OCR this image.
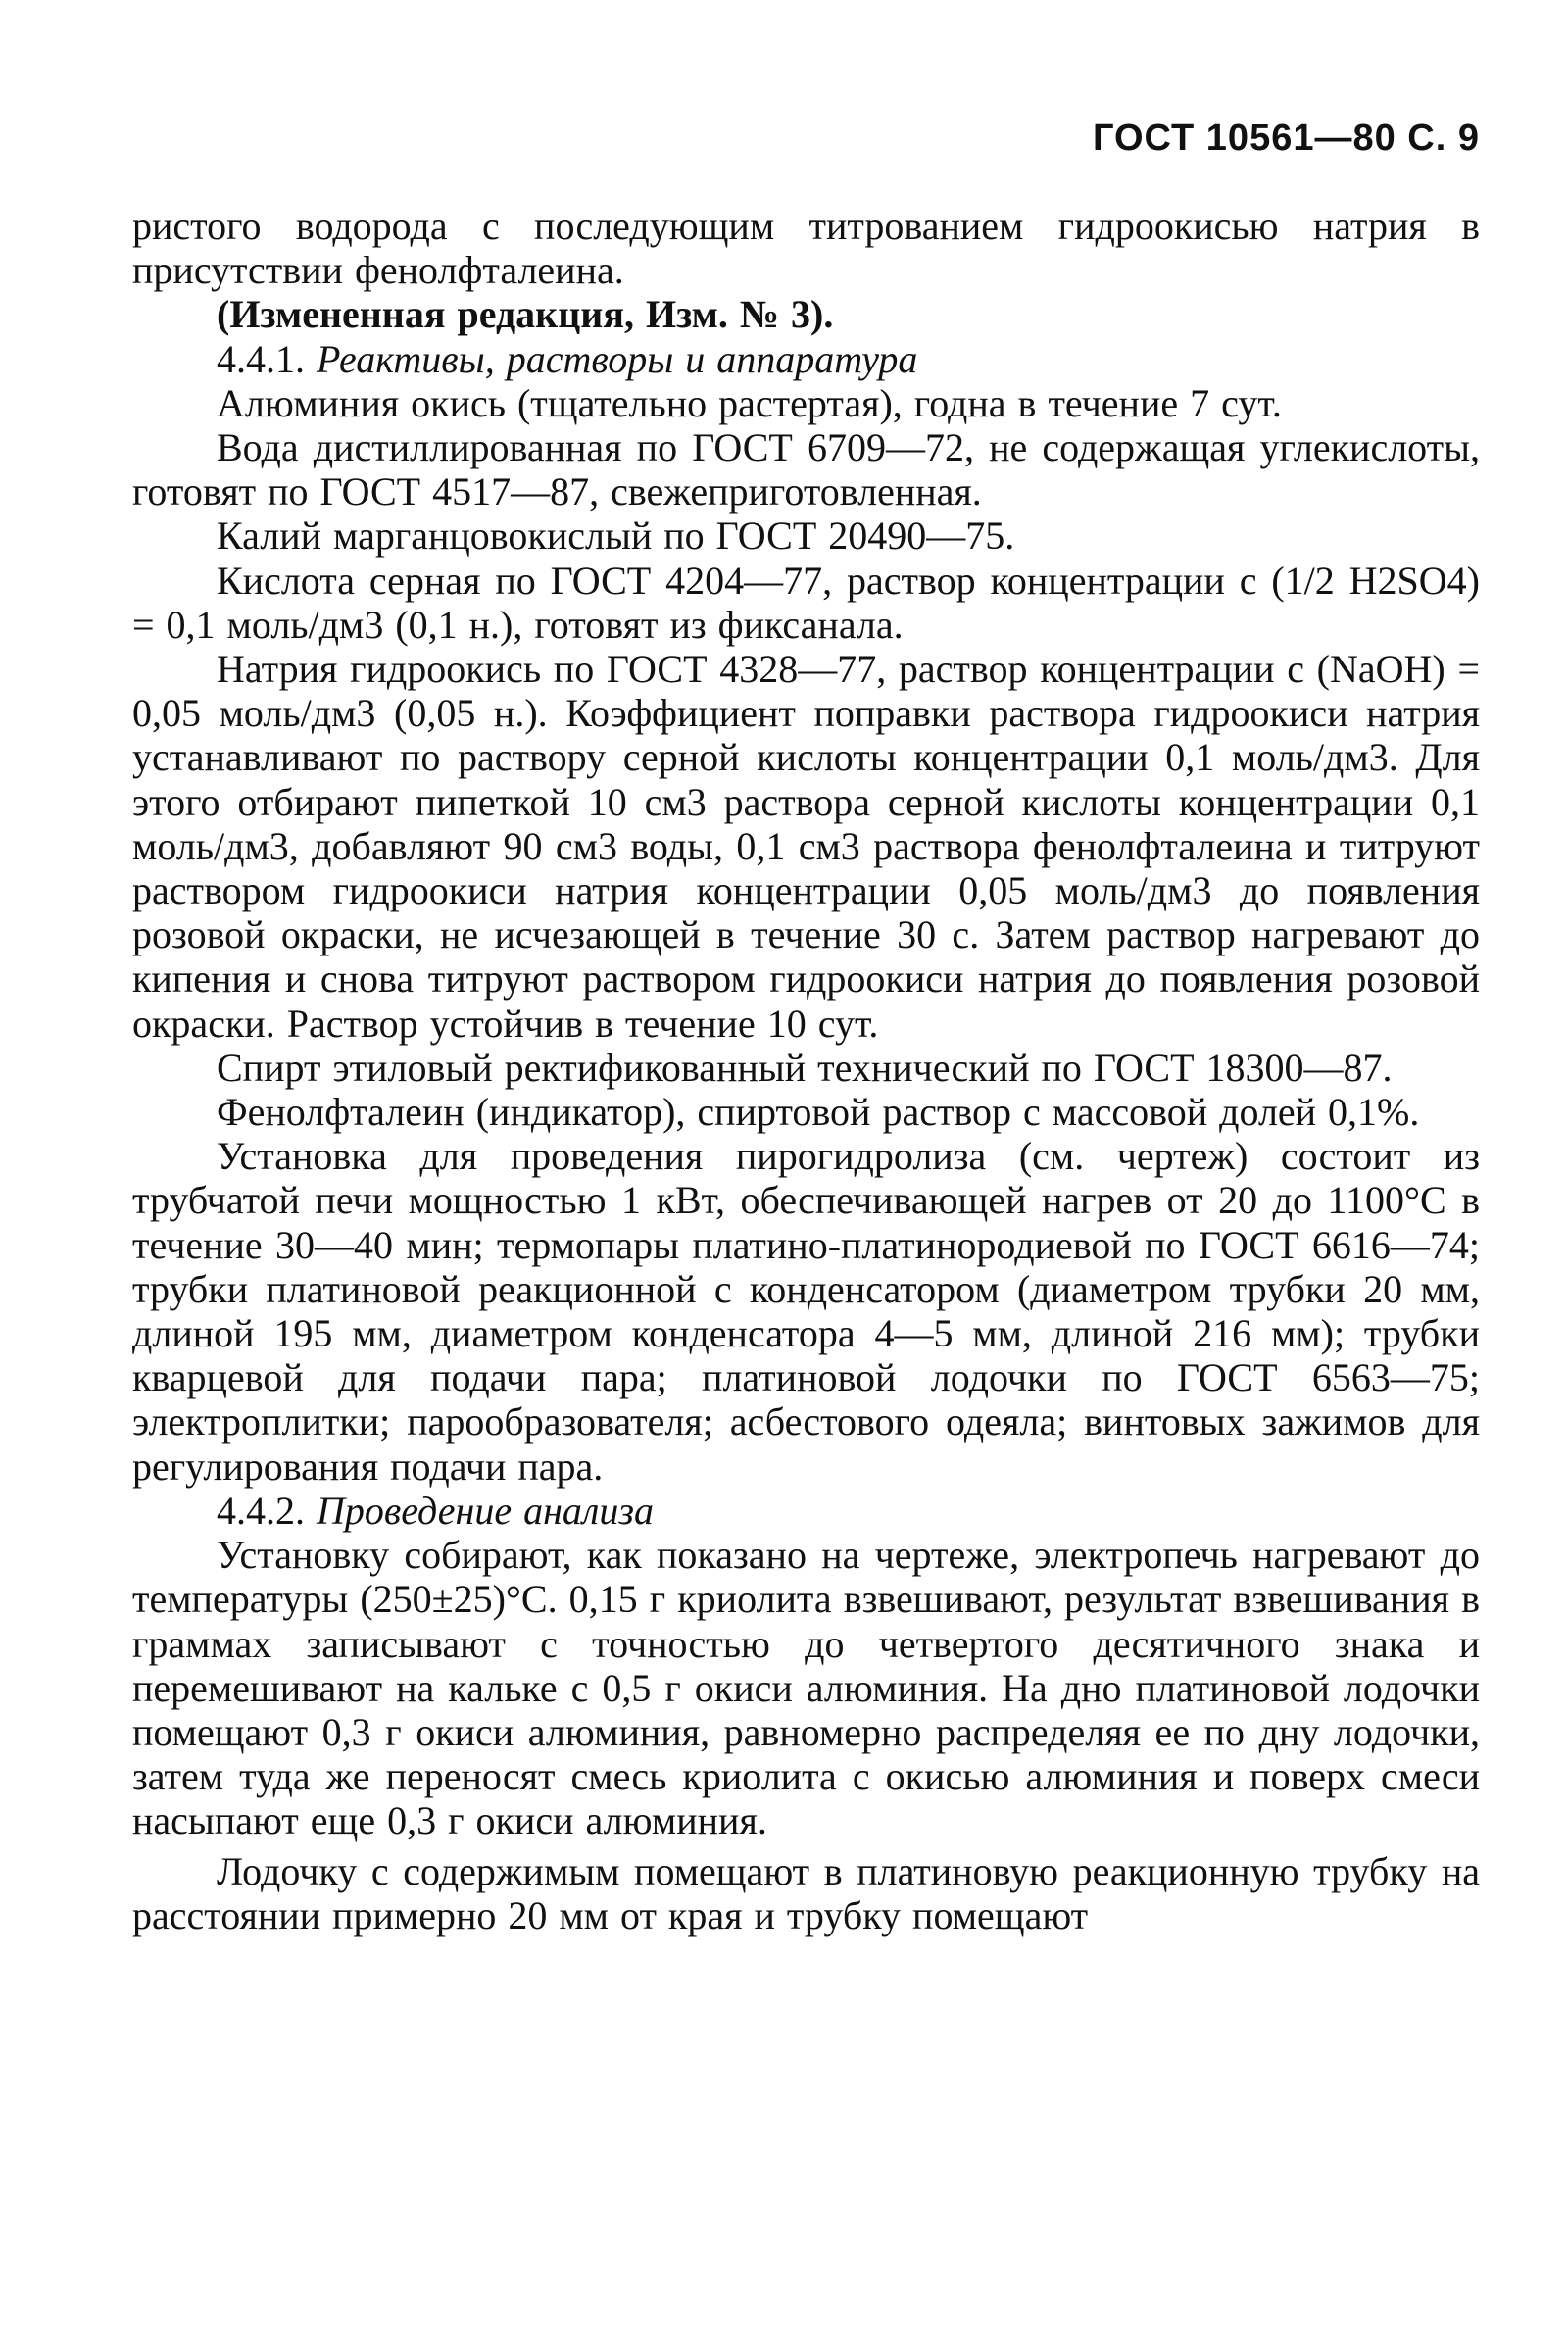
ГОСТ 10561—80 С. 9

ристого водорода с последующим титрованием гидроокисью натрия в присутствии фенолфталеина.

(Измененная редакция, Изм. № 3).

4.4.1. Реактивы, растворы и аппаратура

Алюминия окись (тщательно растертая), годна в течение 7 сут.

Вода дистиллированная по ГОСТ 6709—72, не содержащая углекислоты, готовят по ГОСТ 4517—87, свежеприготовленная.

Калий марганцовокислый по ГОСТ 20490—75.

Кислота серная по ГОСТ 4204—77, раствор концентрации c (1/2 H2SO4) = 0,1 моль/дм3 (0,1 н.), готовят из фиксанала.

Натрия гидроокись по ГОСТ 4328—77, раствор концентрации c (NaOH) = 0,05 моль/дм3 (0,05 н.). Коэффициент поправки раствора гидроокиси натрия устанавливают по раствору серной кислоты концентрации 0,1 моль/дм3. Для этого отбирают пипеткой 10 см3 раствора серной кислоты концентрации 0,1 моль/дм3, добавляют 90 см3 воды, 0,1 см3 раствора фенолфталеина и титруют раствором гидроокиси натрия концентрации 0,05 моль/дм3 до появления розовой окраски, не исчезающей в течение 30 с. Затем раствор нагревают до кипения и снова титруют раствором гидроокиси натрия до появления розовой окраски. Раствор устойчив в течение 10 сут.

Спирт этиловый ректификованный технический по ГОСТ 18300—87.

Фенолфталеин (индикатор), спиртовой раствор с массовой долей 0,1%.

Установка для проведения пирогидролиза (см. чертеж) состоит из трубчатой печи мощностью 1 кВт, обеспечивающей нагрев от 20 до 1100°С в течение 30—40 мин; термопары платино-платинородиевой по ГОСТ 6616—74; трубки платиновой реакционной с конденсатором (диаметром трубки 20 мм, длиной 195 мм, диаметром конденсатора 4—5 мм, длиной 216 мм); трубки кварцевой для подачи пара; платиновой лодочки по ГОСТ 6563—75; электроплитки; парообразователя; асбестового одеяла; винтовых зажимов для регулирования подачи пара.

4.4.2. Проведение анализа

Установку собирают, как показано на чертеже, электропечь нагревают до температуры (250±25)°С. 0,15 г криолита взвешивают, результат взвешивания в граммах записывают с точностью до четвертого десятичного знака и перемешивают на кальке с 0,5 г окиси алюминия. На дно платиновой лодочки помещают 0,3 г окиси алюминия, равномерно распределяя ее по дну лодочки, затем туда же переносят смесь криолита с окисью алюминия и поверх смеси насыпают еще 0,3 г окиси алюминия.

Лодочку с содержимым помещают в платиновую реакционную трубку на расстоянии примерно 20 мм от края и трубку помещают
